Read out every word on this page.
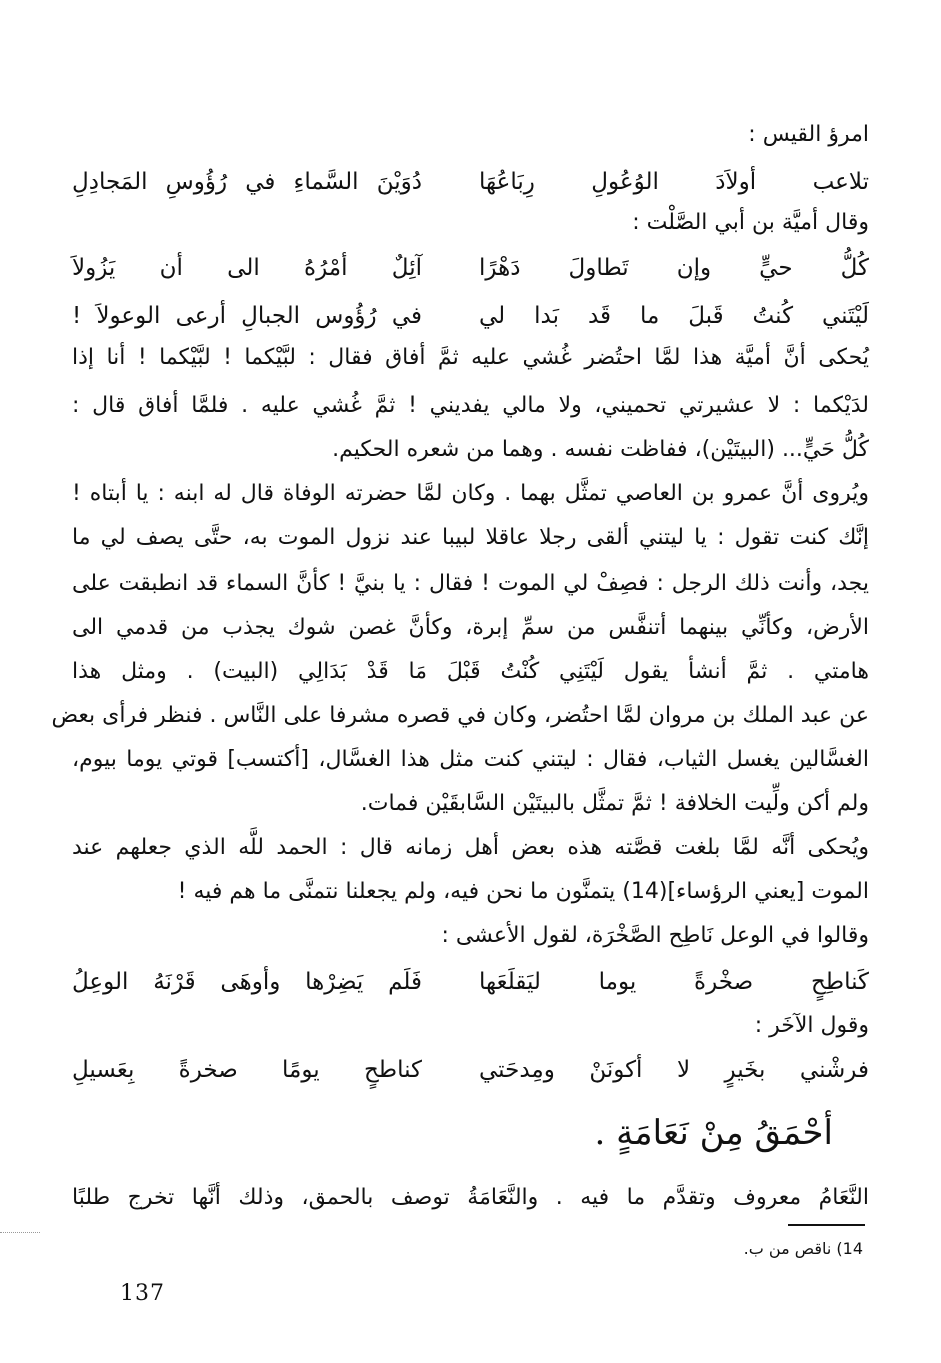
امرؤ القيس :
تلاعب أولاَدَ الوُعُولِ رِبَاعُهَا
دُوَيْنَ السَّماءِ في رُؤُوسِ المَجادِلِ
وقال أميَّة بن أبي الصَّلْت :
كُلُّ حيٍّ وإن تَطاولَ دَهْرًا
آئِلٌ أمْرُهُ الى أن يَزُولاَ
لَيْتَني كُنتُ قَبلَ ما قَد بَدا لي
في رُؤُوس الجبالِ أرعى الوعولاَ !
يُحكى أنَّ أميَّة هذا لمَّا احتُضر غُشي عليه ثمَّ أفاق فقال : لبَّيْكما ! لبَّيْكما ! أنا إذا
لدَيْكما : لا عشيرتي تحميني، ولا مالي يفديني ! ثمَّ غُشي عليه . فلمَّا أفاق قال :
كُلُّ حَيٍّ... (البيتَيْن)، ففاظت نفسه . وهما من شعره الحكيم.
ويُروى أنَّ عمرو بن العاصي تمثَّل بهما . وكان لمَّا حضرته الوفاة قال له ابنه : يا أبتاه !
إنَّك كنت تقول : يا ليتني ألقى رجلا عاقلا لبيبا عند نزول الموت به، حتَّى يصف لي ما
يجد، وأنت ذلك الرجل : فصِفْ لي الموت ! فقال : يا بنيَّ ! كأنَّ السماء قد انطبقت على
الأرض، وكأنِّي بينهما أتنفَّس من سمِّ إبرة، وكأنَّ غصن شوك يجذب من قدمي الى
هامتي . ثمَّ أنشأ يقول لَيْتَنِي كُنْتُ قَبْلَ مَا قَدْ بَدَالِي (البيت) . ومثل هذا
عن عبد الملك بن مروان لمَّا احتُضر، وكان في قصره مشرفا على النَّاس . فنظر فرأى بعض
الغسَّالين يغسل الثياب، فقال : ليتني كنت مثل هذا الغسَّال، [أكتسب] قوتي يوما بيوم،
ولم أكن ولِّيت الخلافة ! ثمَّ تمثَّل بالبيتَيْن السَّابقَيْن فمات.
ويُحكى أنَّه لمَّا بلغت قصَّته هذه بعض أهل زمانه قال : الحمد للَّه الذي جعلهم عند
الموت [يعني الرؤساء](14) يتمنَّون ما نحن فيه، ولم يجعلنا نتمنَّى ما هم فيه !
وقالوا في الوعل نَاطِح الصَّخْرَة، لقول الأعشى :
كَناطِحٍ صخْرةً يوما ليَقلَعَها
فَلَم يَضِرْها وأوهَى قَرْنَهُ الوعِلُ
وقول الآخَر :
فرشْني بخَيرٍ لا أكونَنْ ومِدحَتي
كناطحٍ يومًا صخرةً بِعَسيلِ
أحْمَقُ مِنْ نَعَامَةٍ .
النَّعَامُ معروف وتقدَّم ما فيه . والنَّعَامَةُ توصف بالحمق، وذلك أنَّها تخرج طلبًا
14) ناقص من ب.
137
